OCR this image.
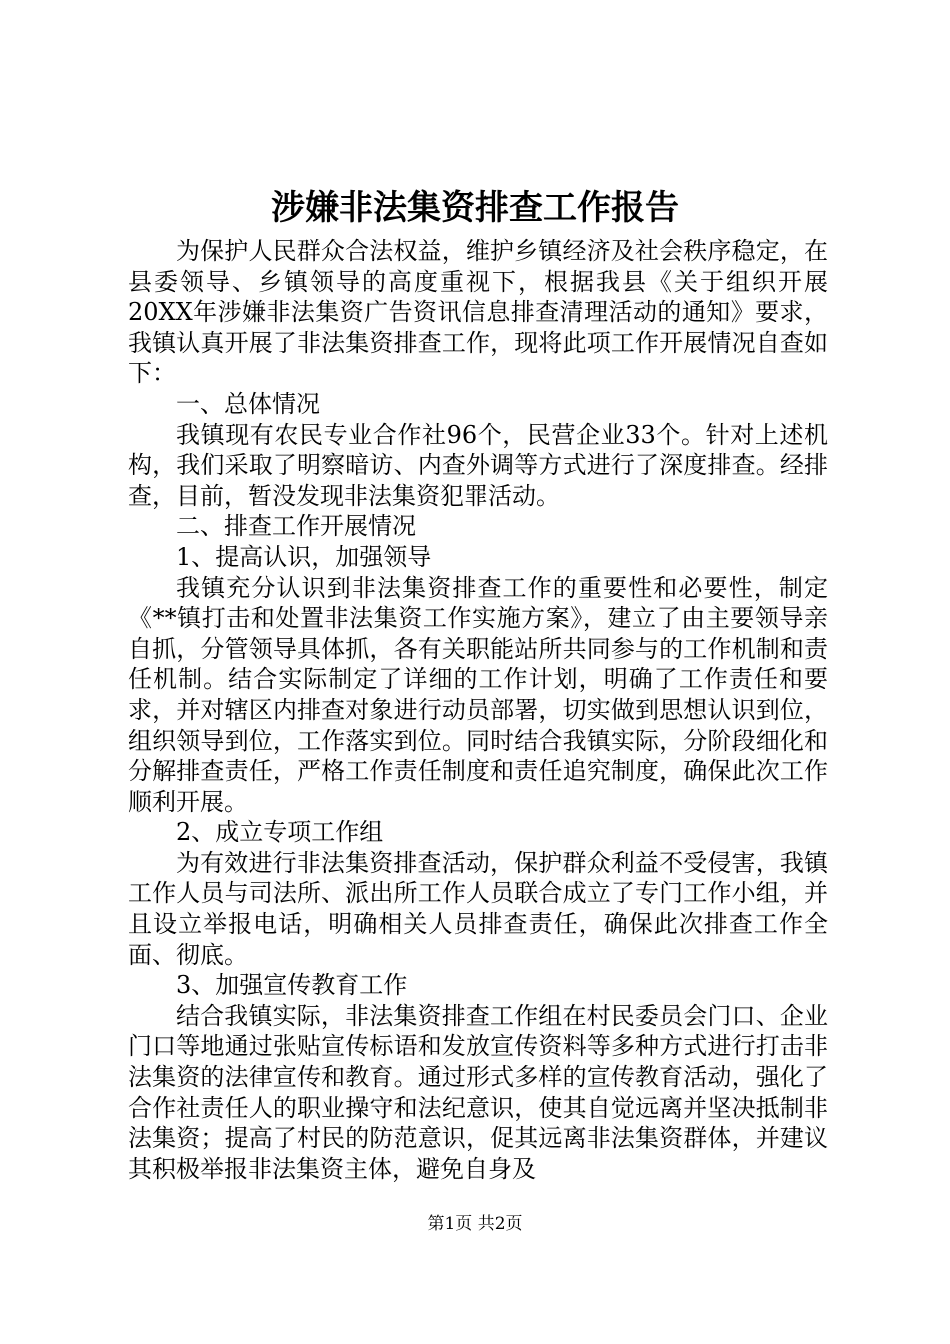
涉嫌非法集资排查工作报告

为保护人民群众合法权益，维护乡镇经济及社会秩序稳定，在县委领导、乡镇领导的高度重视下，根据我县《关于组织开展20XX年涉嫌非法集资广告资讯信息排查清理活动的通知》要求，我镇认真开展了非法集资排查工作，现将此项工作开展情况自查如下：

一、总体情况

我镇现有农民专业合作社96个，民营企业33个。针对上述机构，我们采取了明察暗访、内查外调等方式进行了深度排查。经排查，目前，暂没发现非法集资犯罪活动。

二、排查工作开展情况

1、提高认识，加强领导

我镇充分认识到非法集资排查工作的重要性和必要性，制定《**镇打击和处置非法集资工作实施方案》，建立了由主要领导亲自抓，分管领导具体抓，各有关职能站所共同参与的工作机制和责任机制。结合实际制定了详细的工作计划，明确了工作责任和要求，并对辖区内排查对象进行动员部署，切实做到思想认识到位，组织领导到位，工作落实到位。同时结合我镇实际，分阶段细化和分解排查责任，严格工作责任制度和责任追究制度，确保此次工作顺利开展。

2、成立专项工作组

为有效进行非法集资排查活动，保护群众利益不受侵害，我镇工作人员与司法所、派出所工作人员联合成立了专门工作小组，并且设立举报电话，明确相关人员排查责任，确保此次排查工作全面、彻底。

3、加强宣传教育工作

结合我镇实际，非法集资排查工作组在村民委员会门口、企业门口等地通过张贴宣传标语和发放宣传资料等多种方式进行打击非法集资的法律宣传和教育。通过形式多样的宣传教育活动，强化了合作社责任人的职业操守和法纪意识，使其自觉远离并坚决抵制非法集资；提高了村民的防范意识，促其远离非法集资群体，并建议其积极举报非法集资主体，避免自身及

第1页 共2页
